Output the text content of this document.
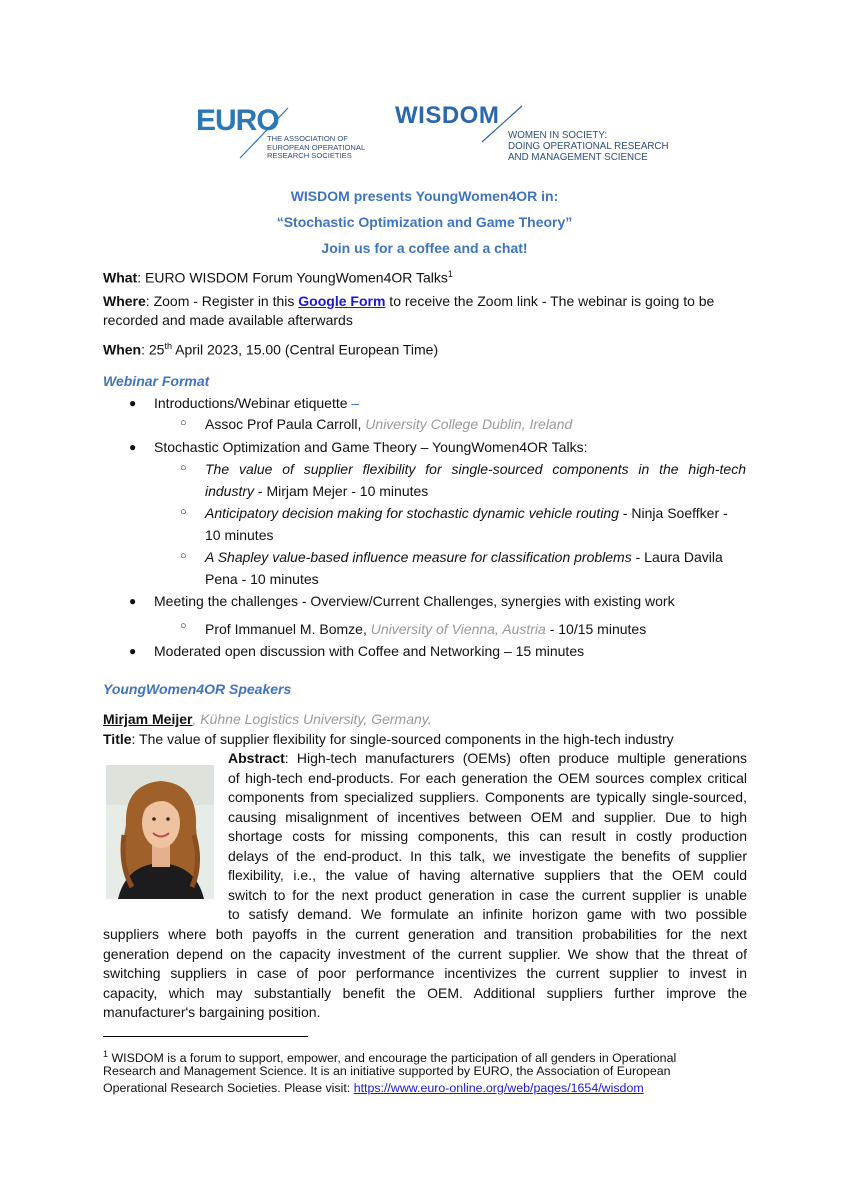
EURO
THE ASSOCIATION OF
EUROPEAN OPERATIONAL
RESEARCH SOCIETIES
WISDOM
WOMEN IN SOCIETY:
DOING OPERATIONAL RESEARCH
AND MANAGEMENT SCIENCE
WISDOM presents YoungWomen4OR in:
“Stochastic Optimization and Game Theory”
Join us for a coffee and a chat!
What: EURO WISDOM Forum YoungWomen4OR Talks$^1$
Where: Zoom - Register in this Google Form to receive the Zoom link - The webinar is going to be
recorded and made available afterwards
When: 25th April 2023, 15.00 (Central European Time)
Webinar Format
● Introductions/Webinar etiquette –
○ Assoc Prof Paula Carroll, University College Dublin, Ireland
● Stochastic Optimization and Game Theory – YoungWomen4OR Talks:
○ The value of supplier flexibility for single-sourced components in the high-tech
industry - Mirjam Mejer - 10 minutes
○ Anticipatory decision making for stochastic dynamic vehicle routing - Ninja Soeffker -
10 minutes
○ A Shapley value-based influence measure for classification problems - Laura Davila
Pena - 10 minutes
● Meeting the challenges - Overview/Current Challenges, synergies with existing work
○ Prof Immanuel M. Bomze, University of Vienna, Austria - 10/15 minutes
● Moderated open discussion with Coffee and Networking – 15 minutes
YoungWomen4OR Speakers
Mirjam Meijer, Kühne Logistics University, Germany.
Title: The value of supplier flexibility for single-sourced components in the high-tech industry
Abstract: High-tech manufacturers (OEMs) often produce multiple generations
of high-tech end-products. For each generation the OEM sources complex critical
components from specialized suppliers. Components are typically single-sourced,
causing misalignment of incentives between OEM and supplier. Due to high
shortage costs for missing components, this can result in costly production
delays of the end-product. In this talk, we investigate the benefits of supplier
flexibility, i.e., the value of having alternative suppliers that the OEM could
switch to for the next product generation in case the current supplier is unable
to satisfy demand. We formulate an infinite horizon game with two possible
suppliers where both payoffs in the current generation and transition probabilities for the next
generation depend on the capacity investment of the current supplier. We show that the threat of
switching suppliers in case of poor performance incentivizes the current supplier to invest in
capacity, which may substantially benefit the OEM. Additional suppliers further improve the
manufacturer's bargaining position.
$^1$ WISDOM is a forum to support, empower, and encourage the participation of all genders in Operational
Research and Management Science. It is an initiative supported by EURO, the Association of European
Operational Research Societies. Please visit: https://www.euro-online.org/web/pages/1654/wisdom
